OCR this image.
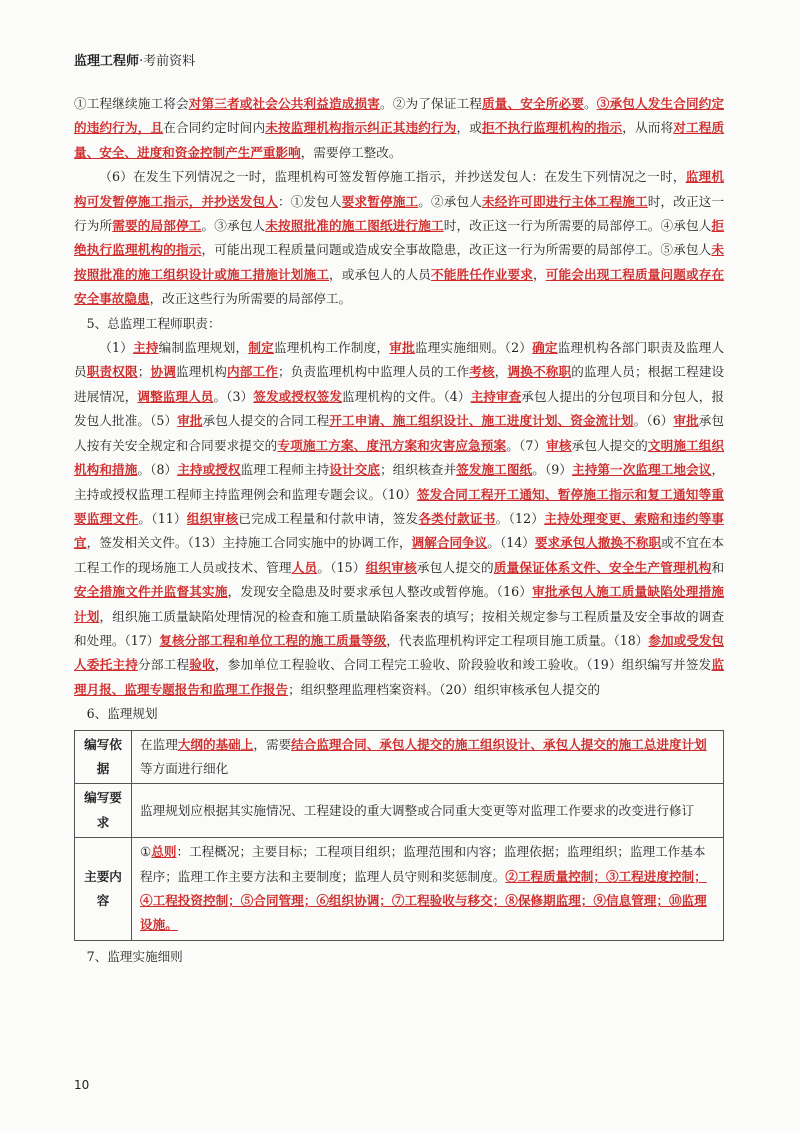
监理工程师·考前资料

①工程继续施工将会对第三者或社会公共利益造成损害。②为了保证工程质量、安全所必要。③承包人发生合同约定的违约行为，且在合同约定时间内未按监理机构指示纠正其违约行为，或拒不执行监理机构的指示，从而将对工程质量、安全、进度和资金控制产生严重影响，需要停工整改。

（6）在发生下列情况之一时，监理机构可签发暂停施工指示，并抄送发包人：在发生下列情况之一时，监理机构可发暂停施工指示，并抄送发包人：①发包人要求暂停施工。②承包人未经许可即进行主体工程施工时，改正这一行为所需要的局部停工。③承包人未按照批准的施工图纸进行施工时，改正这一行为所需要的局部停工。④承包人拒绝执行监理机构的指示，可能出现工程质量问题或造成安全事故隐患，改正这一行为所需要的局部停工。⑤承包人未按照批准的施工组织设计或施工措施计划施工，或承包人的人员不能胜任作业要求，可能会出现工程质量问题或存在安全事故隐患，改正这些行为所需要的局部停工。

5、总监理工程师职责：

（1）主持编制监理规划，制定监理机构工作制度，审批监理实施细则。（2）确定监理机构各部门职责及监理人员职责权限；协调监理机构内部工作；负责监理机构中监理人员的工作考核，调换不称职的监理人员；根据工程建设进展情况，调整监理人员。（3）签发或授权签发监理机构的文件。（4）主持审查承包人提出的分包项目和分包人，报发包人批准。（5）审批承包人提交的合同工程开工申请、施工组织设计、施工进度计划、资金流计划。（6）审批承包人按有关安全规定和合同要求提交的专项施工方案、度汛方案和灾害应急预案。（7）审核承包人提交的文明施工组织机构和措施。（8）主持或授权监理工程师主持设计交底；组织核查并签发施工图纸。（9）主持第一次监理工地会议，主持或授权监理工程师主持监理例会和监理专题会议。（10）签发合同工程开工通知、暂停施工指示和复工通知等重要监理文件。（11）组织审核已完成工程量和付款申请，签发各类付款证书。（12）主持处理变更、索赔和违约等事宜，签发相关文件。（13）主持施工合同实施中的协调工作，调解合同争议。（14）要求承包人撤换不称职或不宜在本工程工作的现场施工人员或技术、管理人员。（15）组织审核承包人提交的质量保证体系文件、安全生产管理机构和安全措施文件并监督其实施，发现安全隐患及时要求承包人整改或暂停施。（16）审批承包人施工质量缺陷处理措施计划，组织施工质量缺陷处理情况的检查和施工质量缺陷备案表的填写；按相关规定参与工程质量及安全事故的调查和处理。（17）复核分部工程和单位工程的施工质量等级，代表监理机构评定工程项目施工质量。（18）参加或受发包人委托主持分部工程验收，参加单位工程验收、合同工程完工验收、阶段验收和竣工验收。（19）组织编写并签发监理月报、监理专题报告和监理工作报告；组织整理监理档案资料。（20）组织审核承包人提交的

6、监理规划

编写依据	在监理大纲的基础上，需要结合监理合同、承包人提交的施工组织设计、承包人提交的施工总进度计划等方面进行细化
编写要求	监理规划应根据其实施情况、工程建设的重大调整或合同重大变更等对监理工作要求的改变进行修订
主要内容	①总则：工程概况；主要目标；工程项目组织；监理范围和内容；监理依据；监理组织；监理工作基本程序；监理工作主要方法和主要制度；监理人员守则和奖惩制度。②工程质量控制；③工程进度控制；④工程投资控制；⑤合同管理；⑥组织协调；⑦工程验收与移交；⑧保修期监理；⑨信息管理；⑩监理设施。

7、监理实施细则

10
